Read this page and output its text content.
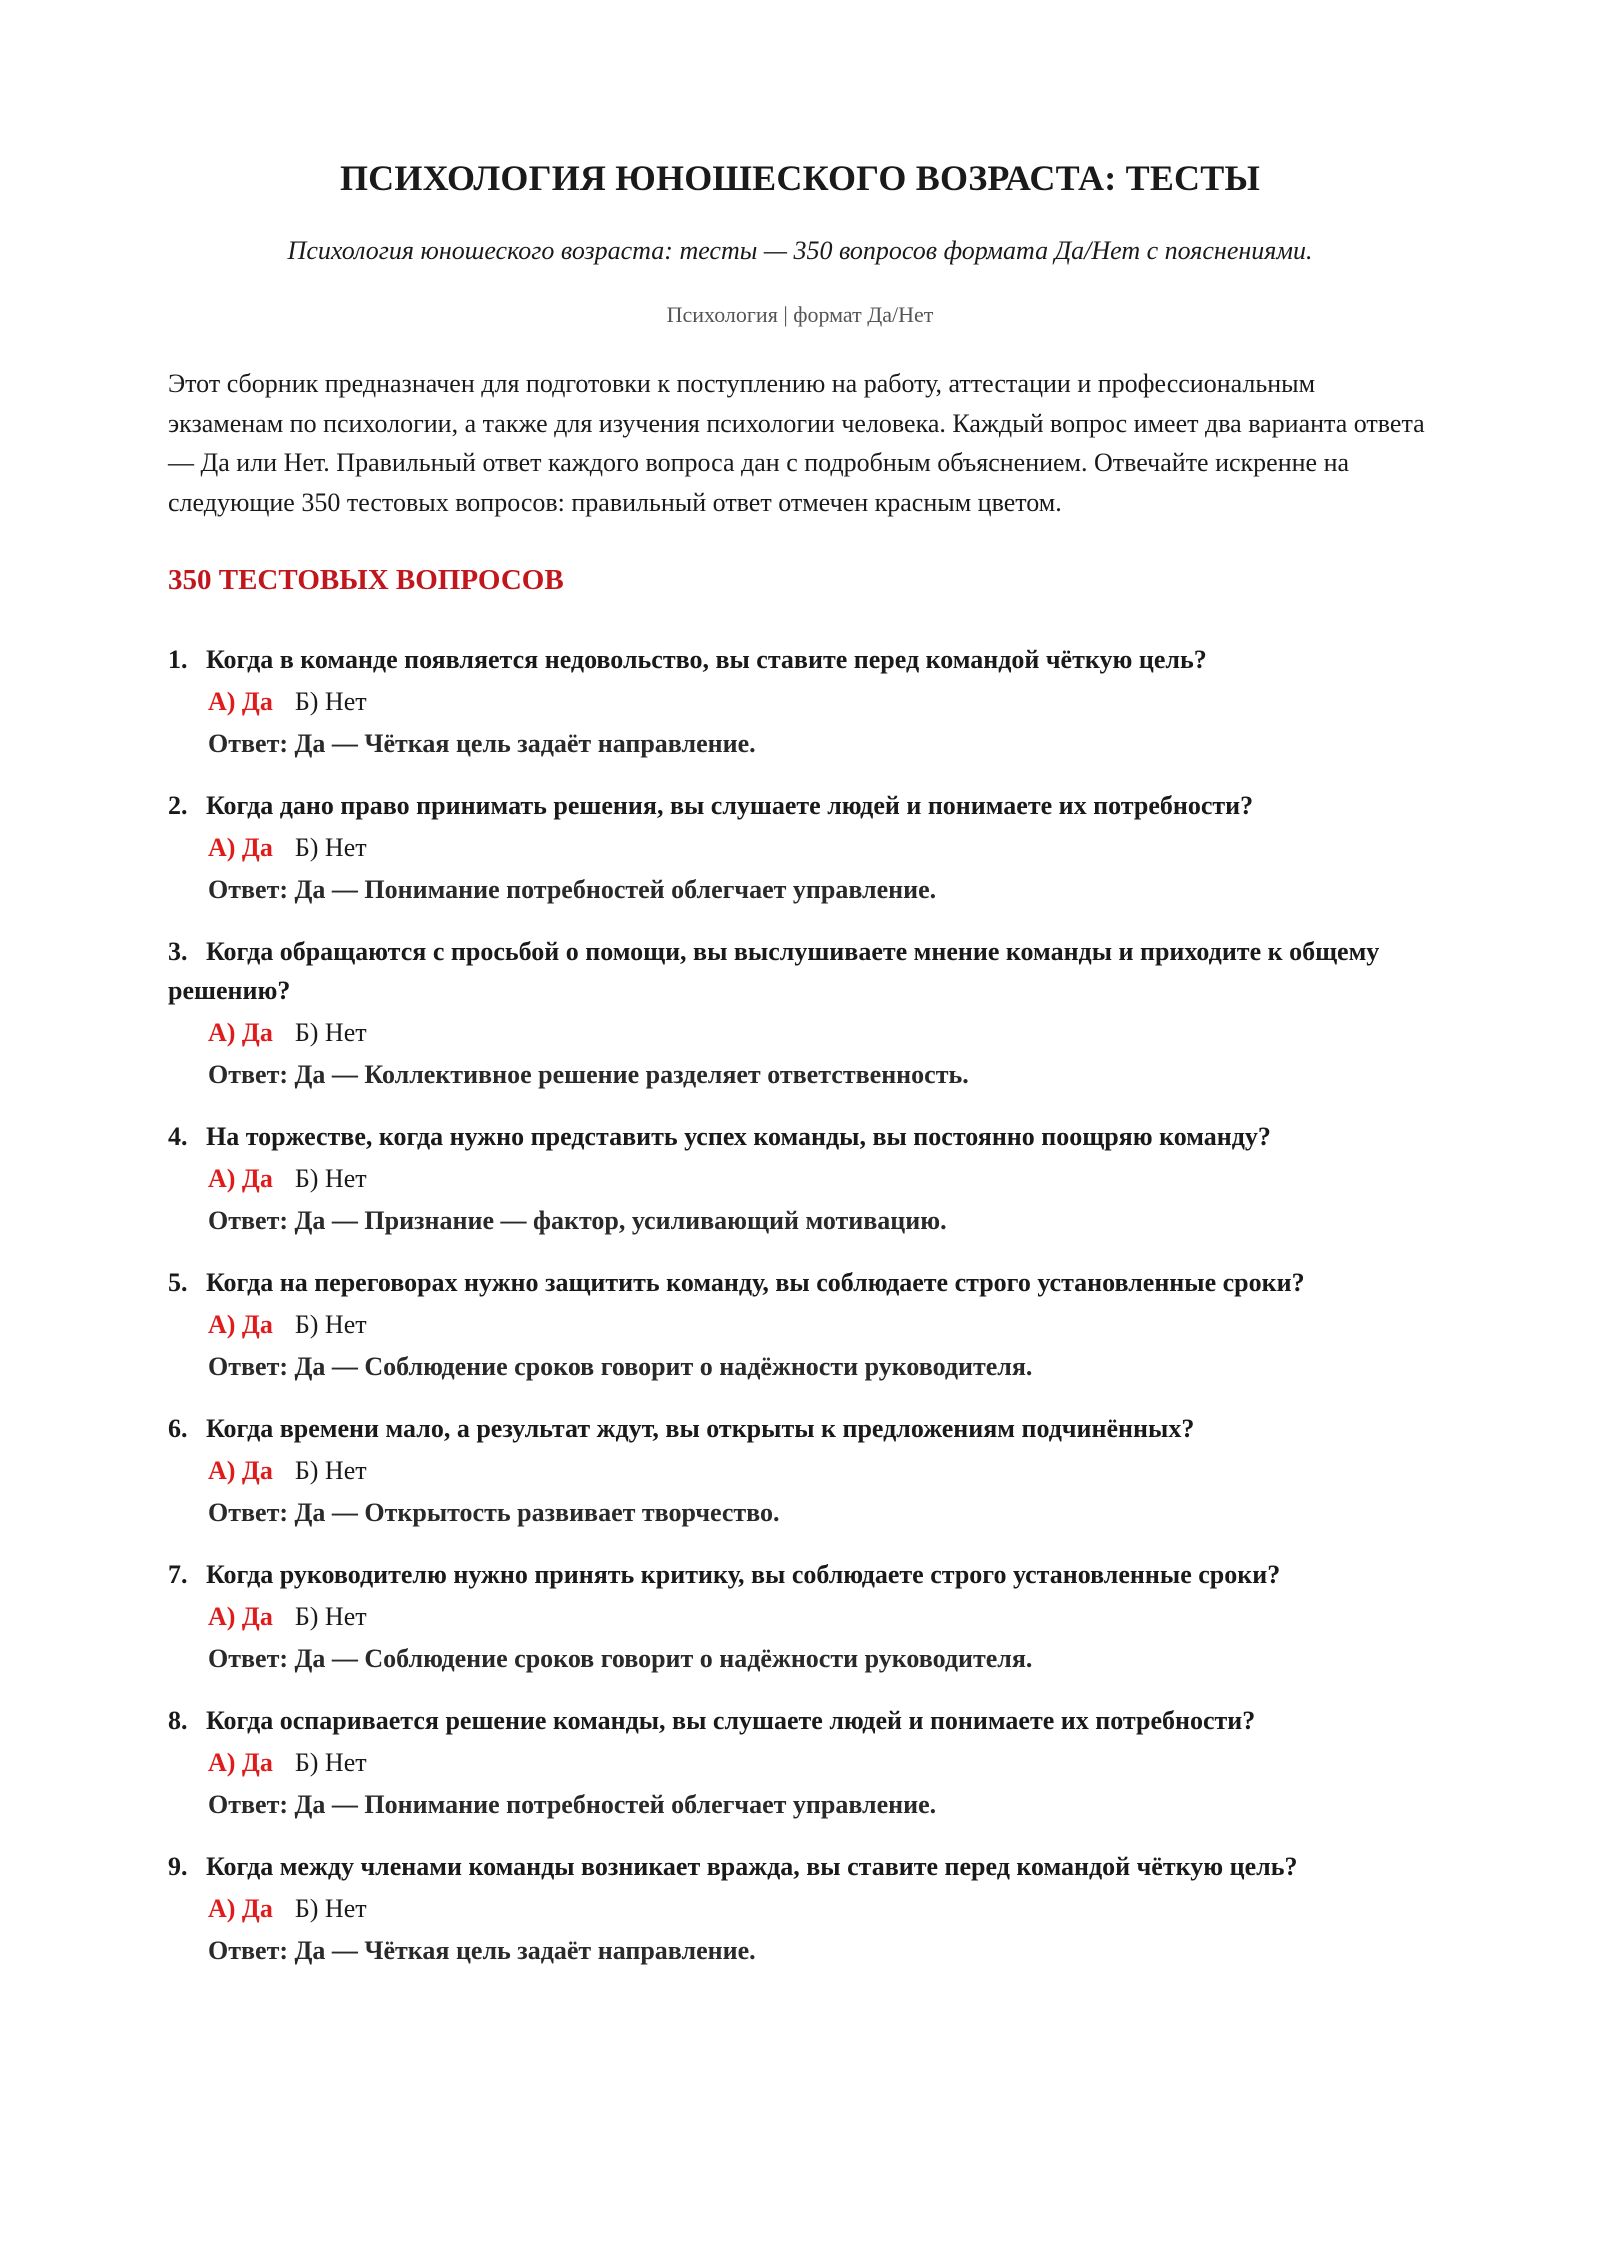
ПСИХОЛОГИЯ ЮНОШЕСКОГО ВОЗРАСТА: ТЕСТЫ

Психология юношеского возраста: тесты — 350 вопросов формата Да/Нет с пояснениями.

Психология | формат Да/Нет

Этот сборник предназначен для подготовки к поступлению на работу, аттестации и профессиональным экзаменам по психологии, а также для изучения психологии человека. Каждый вопрос имеет два варианта ответа — Да или Нет. Правильный ответ каждого вопроса дан с подробным объяснением. Отвечайте искренне на следующие 350 тестовых вопросов: правильный ответ отмечен красным цветом.

350 ТЕСТОВЫХ ВОПРОСОВ
1. Когда в команде появляется недовольство, вы ставите перед командой чёткую цель?
А) Да Б) Нет
Ответ: Да — Чёткая цель задаёт направление.
2. Когда дано право принимать решения, вы слушаете людей и понимаете их потребности?
А) Да Б) Нет
Ответ: Да — Понимание потребностей облегчает управление.
3. Когда обращаются с просьбой о помощи, вы выслушиваете мнение команды и приходите к общему решению?
А) Да Б) Нет
Ответ: Да — Коллективное решение разделяет ответственность.
4. На торжестве, когда нужно представить успех команды, вы постоянно поощряю команду?
А) Да Б) Нет
Ответ: Да — Признание — фактор, усиливающий мотивацию.
5. Когда на переговорах нужно защитить команду, вы соблюдаете строго установленные сроки?
А) Да Б) Нет
Ответ: Да — Соблюдение сроков говорит о надёжности руководителя.
6. Когда времени мало, а результат ждут, вы открыты к предложениям подчинённых?
А) Да Б) Нет
Ответ: Да — Открытость развивает творчество.
7. Когда руководителю нужно принять критику, вы соблюдаете строго установленные сроки?
А) Да Б) Нет
Ответ: Да — Соблюдение сроков говорит о надёжности руководителя.
8. Когда оспаривается решение команды, вы слушаете людей и понимаете их потребности?
А) Да Б) Нет
Ответ: Да — Понимание потребностей облегчает управление.
9. Когда между членами команды возникает вражда, вы ставите перед командой чёткую цель?
А) Да Б) Нет
Ответ: Да — Чёткая цель задаёт направление.
